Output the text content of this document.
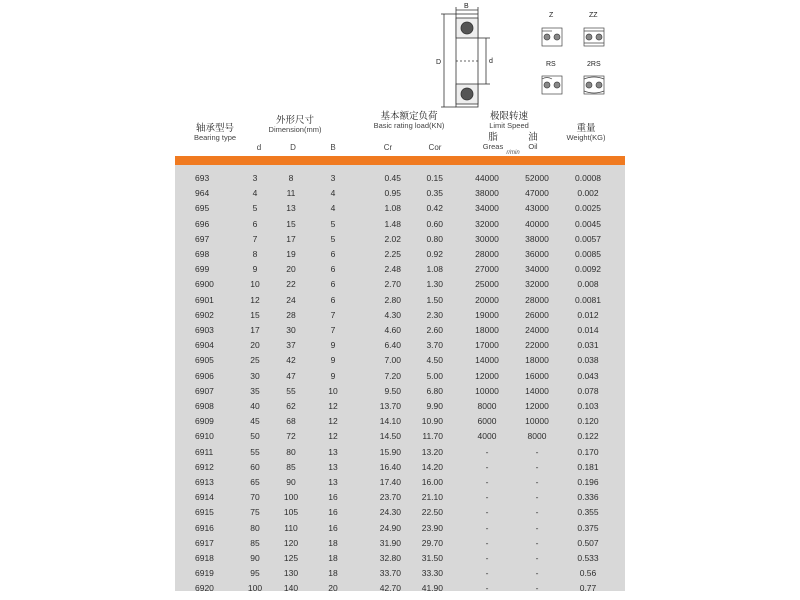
B
D	d
Z	ZZ
RS	2RS
轴承型号
Bearing type
外形尺寸
Dimension(mm)
基本额定负荷
Basic rating load(KN)
极限转速
Limit Speed
脂	油
Greas	Oil
r/min
重量
Weight(KG)
d	D	B	Cr	Cor
693	3	8	3	0.45	0.15	44000	52000	0.0008
964	4	11	4	0.95	0.35	38000	47000	0.002
695	5	13	4	1.08	0.42	34000	43000	0.0025
696	6	15	5	1.48	0.60	32000	40000	0.0045
697	7	17	5	2.02	0.80	30000	38000	0.0057
698	8	19	6	2.25	0.92	28000	36000	0.0085
699	9	20	6	2.48	1.08	27000	34000	0.0092
6900	10	22	6	2.70	1.30	25000	32000	0.008
6901	12	24	6	2.80	1.50	20000	28000	0.0081
6902	15	28	7	4.30	2.30	19000	26000	0.012
6903	17	30	7	4.60	2.60	18000	24000	0.014
6904	20	37	9	6.40	3.70	17000	22000	0.031
6905	25	42	9	7.00	4.50	14000	18000	0.038
6906	30	47	9	7.20	5.00	12000	16000	0.043
6907	35	55	10	9.50	6.80	10000	14000	0.078
6908	40	62	12	13.70	9.90	8000	12000	0.103
6909	45	68	12	14.10	10.90	6000	10000	0.120
6910	50	72	12	14.50	11.70	4000	8000	0.122
6911	55	80	13	15.90	13.20	-	-	0.170
6912	60	85	13	16.40	14.20	-	-	0.181
6913	65	90	13	17.40	16.00	-	-	0.196
6914	70	100	16	23.70	21.10	-	-	0.336
6915	75	105	16	24.30	22.50	-	-	0.355
6916	80	110	16	24.90	23.90	-	-	0.375
6917	85	120	18	31.90	29.70	-	-	0.507
6918	90	125	18	32.80	31.50	-	-	0.533
6919	95	130	18	33.70	33.30	-	-	0.56
6920	100	140	20	42.70	41.90	-	-	0.77
